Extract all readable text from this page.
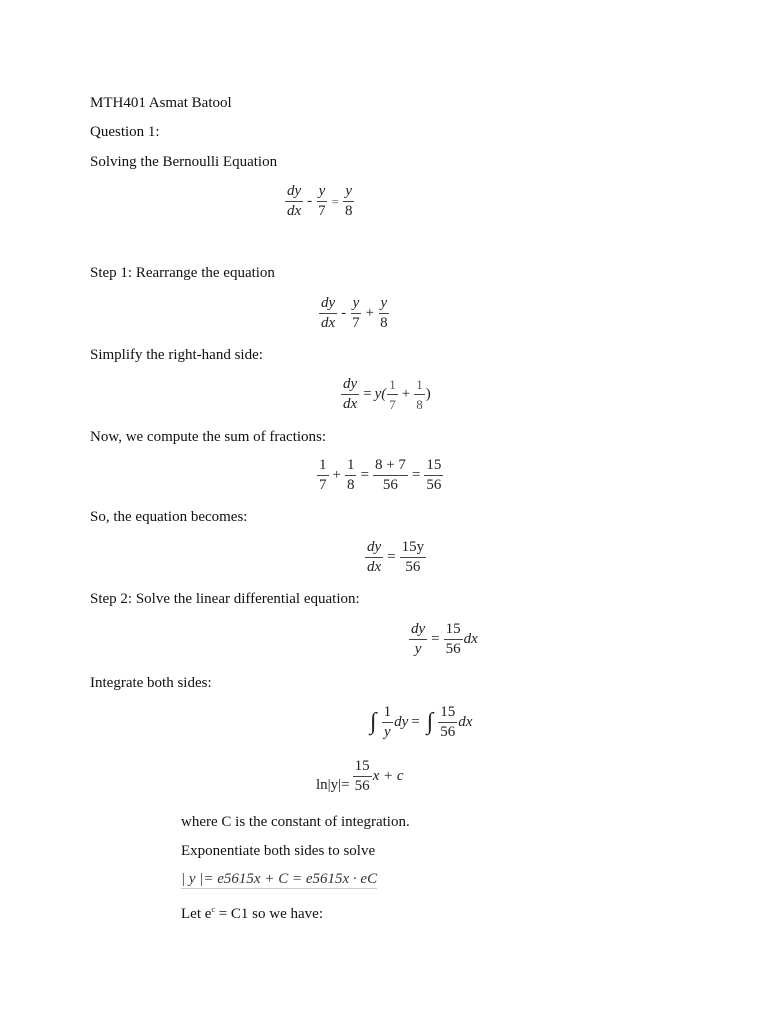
MTH401 Asmat Batool
Question 1:
Solving the Bernoulli Equation
$\frac{dy}{dx} - \frac{y}{7} = \frac{y}{8}$
Step 1: Rearrange the equation
$\frac{dy}{dx} - \frac{y}{7} + \frac{y}{8}$
Simplify the right-hand side:
$\frac{dy}{dx} = y( \frac{1}{7} + \frac{1}{8}$ )
Now, we compute the sum of fractions:
$\frac{1}{7} + \frac{1}{8} = \frac{8 + 7}{56} = \frac{15}{56}$
So, the equation becomes:
$\frac{dy}{dx} = \frac{15y}{56}$
Step 2: Solve the linear differential equation:
$\frac{dy}{y} = \frac{15}{56}$ dx
Integrate both sides:
∫ $\frac{1}{y}$ dy = ∫ $\frac{15}{56}$ dx
$\ln|y|= \frac{15}{56}$ x + c
where C is the constant of integration.
Exponentiate both sides to solve
| y |= e5615x + C = e5615x · eC
Let $e^c = C1$ so we have:
